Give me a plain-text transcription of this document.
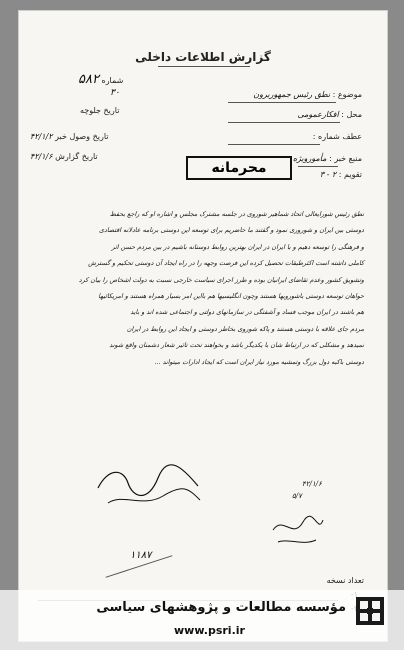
گزارش اطلاعات داخلی
موضوع : نطق رئیس جمهوریرون
محل : افکارعمومی
عطف شماره :
منبع خبر : مأمورویژه
تقویم : ۲ - ۳
شماره ۵۸۲
۳۰
تاریخ جلوچه
تاریخ وصول خبر ۴۲/۱/۲
تاریخ گزارش ۴۲/۱/۶
محرمانه

نطق رئیس شورایعالی اتحاد شماهیر شوروی در جلسه مشترک مجلس و اشاره او که راجع بحفظ

دوستی بین ایران و شوروری نمود و گفتند ما حاضریم برای توسعه این دوستی برنامه عادلانه اقتصادی

و فرهنگی را توسعه دهیم و با ایران در ایران بهترین روابط دوستانه باشیم در بین مردم حسن اثر

کاملی داشته است اکثرطبقات تحصیل کرده این فرصت وجهه را در راه ایجاد آن دوستی تحکیم و گسترش

وتشویق کشور وعدم تقاضای ایرانیان بوده و طرز اجرای سیاست خارجی نسبت به دولت اشخاص را بیان کرد

حواهان توسعه دوستی باشورویها هستند وچون انگلیسیها هم بااین امر بسیار همراه هستند و امریکائیها

هم باشند در ایران موجب فساد و آشفتگی در سازمانهای دولتی و اجتماعی شده اند و باید

مردم جای علاقه با دوستی هستند و پاکه شوروی بخاطر دوستی و ایجاد این روابط در ایران

نمیدهد و مشکلی که در ارتباط شان با یکدیگر باشد و بخواهند تحت تاثیر شعار دشمنان واقع شوند

دوستی باکبه دول بزرگ وتمشیه مورد نیاز ایران است که ایجاد ادارات میتواند ...

۴۲/۱/۶
۵/۷
۱۱۸۷
تعداد نسخه
مؤسسه مطالعات و پژوهشهای سیاسی
www.psri.ir
